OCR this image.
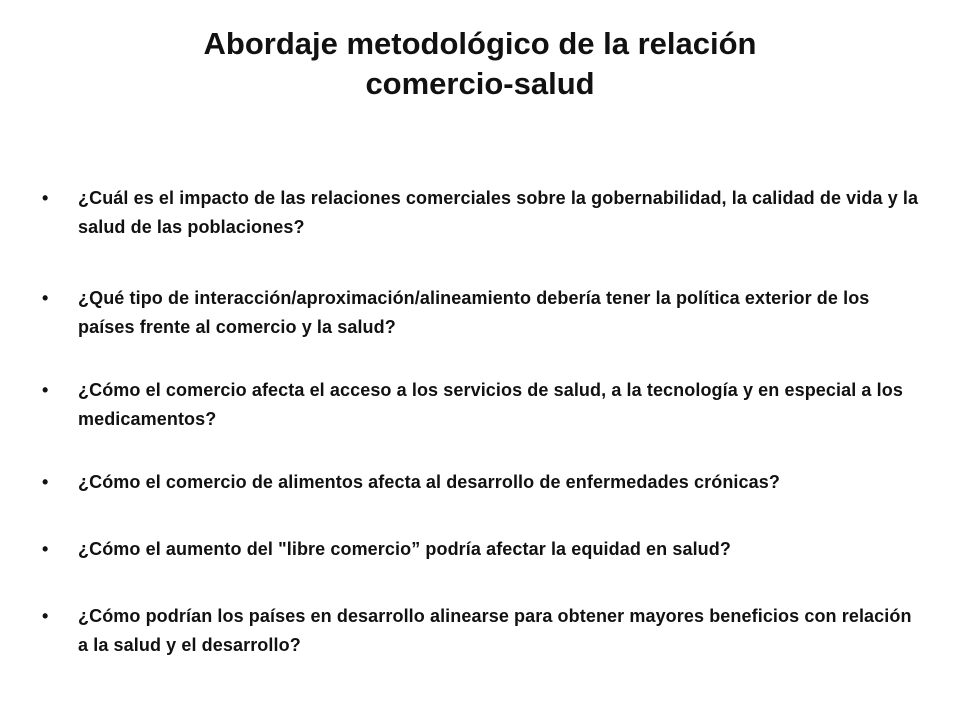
Abordaje metodológico de la relación
comercio-salud
•	¿Cuál es el impacto de las relaciones comerciales sobre la gobernabilidad, la calidad de vida y la salud de las poblaciones?
•	¿Qué tipo de interacción/aproximación/alineamiento debería tener la política exterior de los países frente al comercio y la salud?
•	¿Cómo el comercio afecta el acceso a los servicios de salud, a la tecnología y en especial a los medicamentos?
•	¿Cómo el comercio de alimentos afecta al desarrollo de enfermedades crónicas?
•	¿Cómo el aumento del "libre comercio” podría afectar la equidad en salud?
•	¿Cómo podrían los países en desarrollo alinearse para obtener mayores beneficios con relación a la salud y el desarrollo?
